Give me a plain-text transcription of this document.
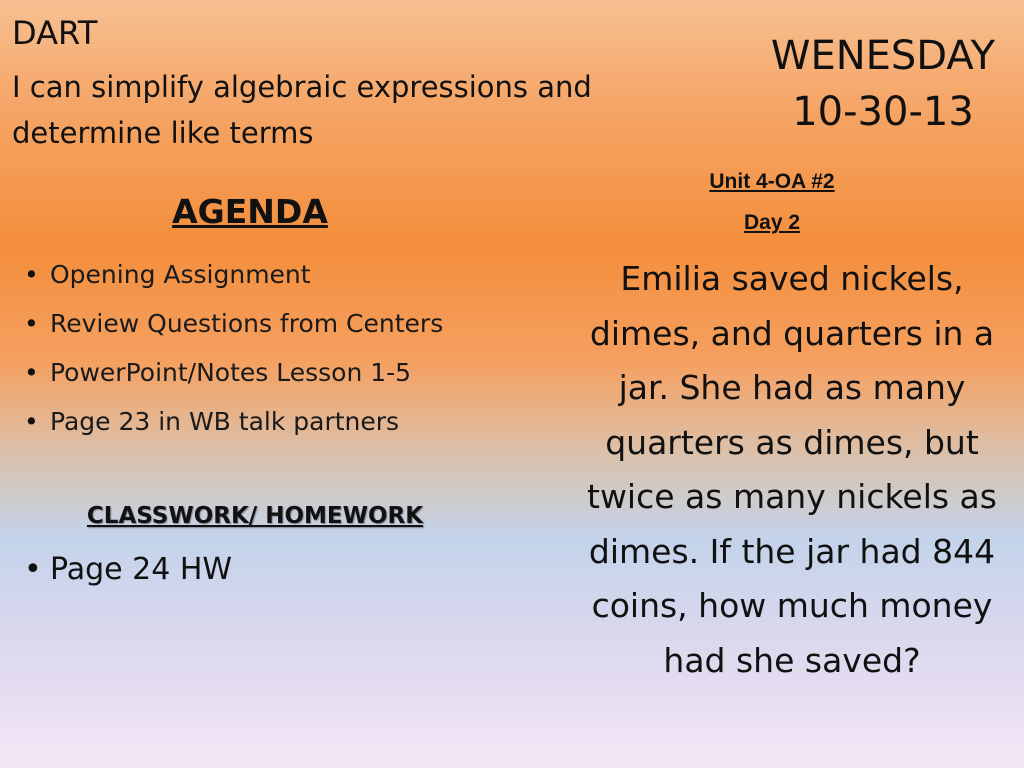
DART
I can simplify algebraic expressions and determine like terms
WENESDAY
10-30-13
Unit 4-OA #2
Day 2
AGENDA
• Opening Assignment
• Review Questions from Centers
• PowerPoint/Notes Lesson 1-5
• Page 23 in WB talk partners
CLASSWORK/ HOMEWORK
• Page 24 HW
Emilia saved nickels, dimes, and quarters in a jar. She had as many quarters as dimes, but twice as many nickels as dimes. If the jar had 844 coins, how much money had she saved?
